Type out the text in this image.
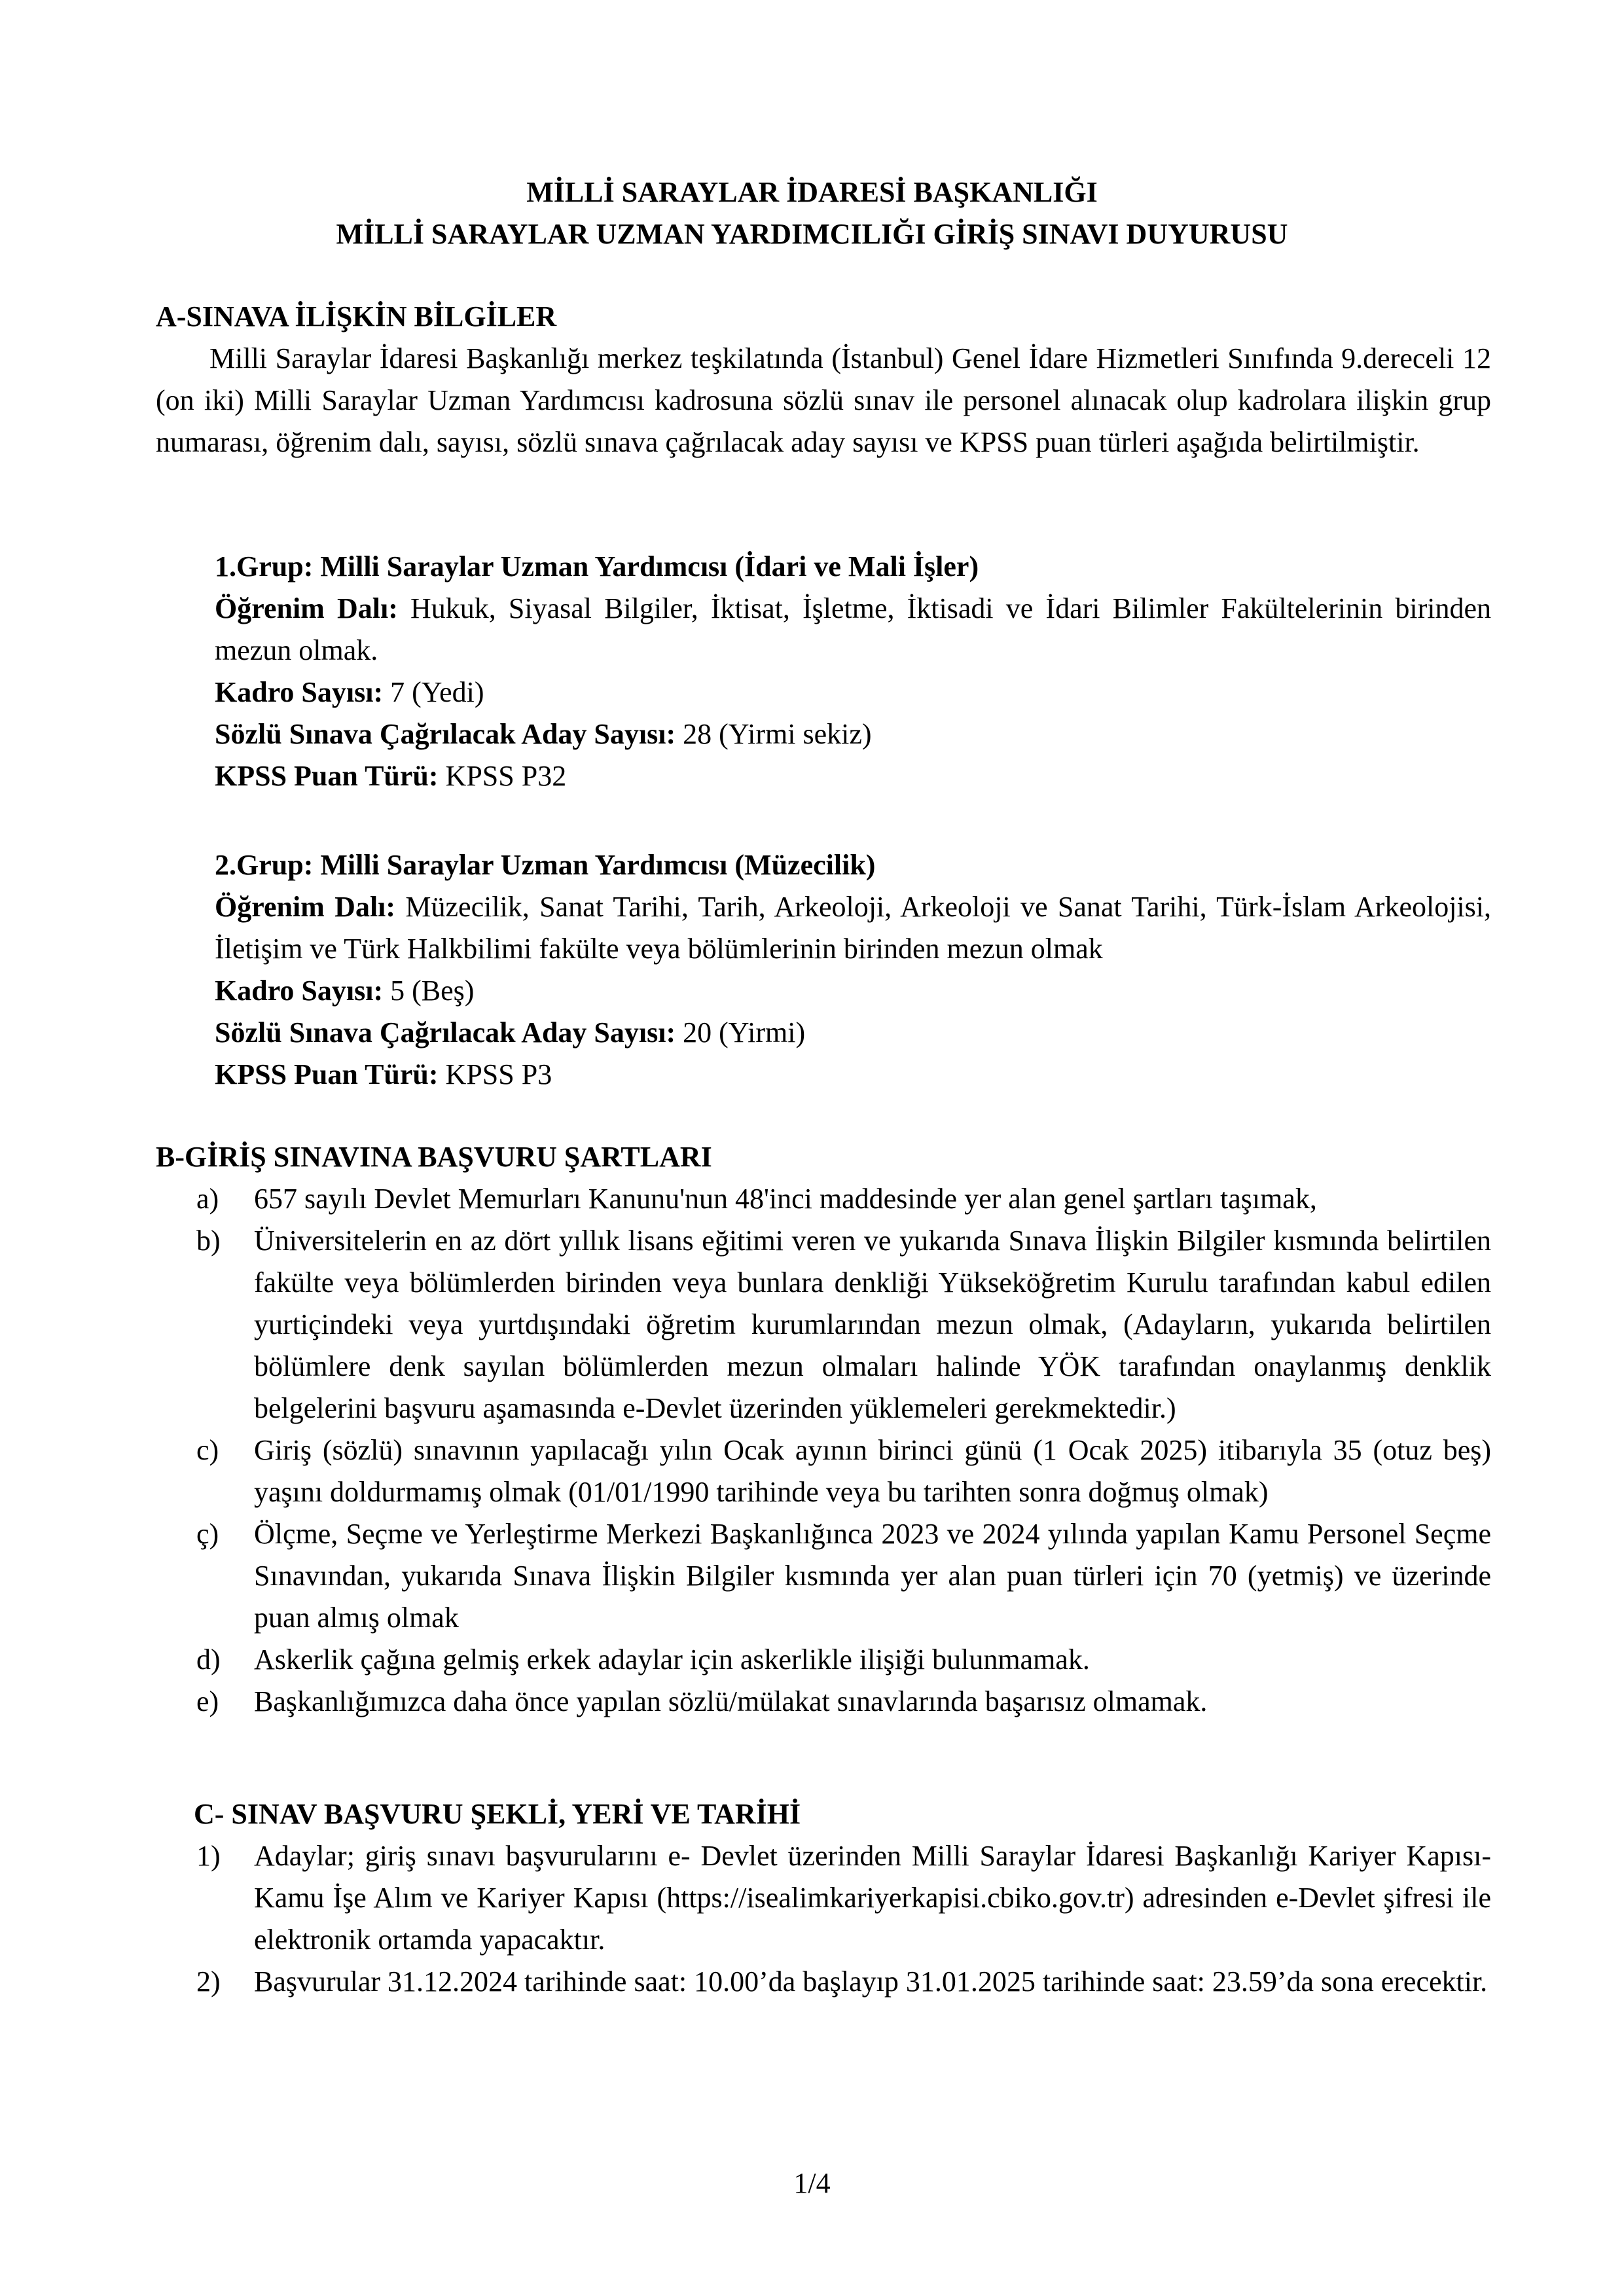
MİLLİ SARAYLAR İDARESİ BAŞKANLIĞI
MİLLİ SARAYLAR UZMAN YARDIMCILIĞI GİRİŞ SINAVI DUYURUSU
A-SINAVA İLİŞKİN BİLGİLER
Milli Saraylar İdaresi Başkanlığı merkez teşkilatında (İstanbul) Genel İdare Hizmetleri Sınıfında 9.dereceli 12 (on iki) Milli Saraylar Uzman Yardımcısı kadrosuna sözlü sınav ile personel alınacak olup kadrolara ilişkin grup numarası, öğrenim dalı, sayısı, sözlü sınava çağrılacak aday sayısı ve KPSS puan türleri aşağıda belirtilmiştir.
1.Grup: Milli Saraylar Uzman Yardımcısı (İdari ve Mali İşler)
Öğrenim Dalı: Hukuk, Siyasal Bilgiler, İktisat, İşletme, İktisadi ve İdari Bilimler Fakültelerinin birinden mezun olmak.
Kadro Sayısı: 7 (Yedi)
Sözlü Sınava Çağrılacak Aday Sayısı: 28 (Yirmi sekiz)
KPSS Puan Türü: KPSS P32
2.Grup: Milli Saraylar Uzman Yardımcısı (Müzecilik)
Öğrenim Dalı: Müzecilik, Sanat Tarihi, Tarih, Arkeoloji, Arkeoloji ve Sanat Tarihi, Türk-İslam Arkeolojisi, İletişim ve Türk Halkbilimi fakülte veya bölümlerinin birinden mezun olmak
Kadro Sayısı: 5 (Beş)
Sözlü Sınava Çağrılacak Aday Sayısı: 20 (Yirmi)
KPSS Puan Türü: KPSS P3
B-GİRİŞ SINAVINA BAŞVURU ŞARTLARI
a) 657 sayılı Devlet Memurları Kanunu'nun 48'inci maddesinde yer alan genel şartları taşımak,
b) Üniversitelerin en az dört yıllık lisans eğitimi veren ve yukarıda Sınava İlişkin Bilgiler kısmında belirtilen fakülte veya bölümlerden birinden veya bunlara denkliği Yükseköğretim Kurulu tarafından kabul edilen yurtiçindeki veya yurtdışındaki öğretim kurumlarından mezun olmak, (Adayların, yukarıda belirtilen bölümlere denk sayılan bölümlerden mezun olmaları halinde YÖK tarafından onaylanmış denklik belgelerini başvuru aşamasında e-Devlet üzerinden yüklemeleri gerekmektedir.)
c) Giriş (sözlü) sınavının yapılacağı yılın Ocak ayının birinci günü (1 Ocak 2025) itibarıyla 35 (otuz beş) yaşını doldurmamış olmak (01/01/1990 tarihinde veya bu tarihten sonra doğmuş olmak)
ç) Ölçme, Seçme ve Yerleştirme Merkezi Başkanlığınca 2023 ve 2024 yılında yapılan Kamu Personel Seçme Sınavından, yukarıda Sınava İlişkin Bilgiler kısmında yer alan puan türleri için 70 (yetmiş) ve üzerinde puan almış olmak
d) Askerlik çağına gelmiş erkek adaylar için askerlikle ilişiği bulunmamak.
e) Başkanlığımızca daha önce yapılan sözlü/mülakat sınavlarında başarısız olmamak.
C- SINAV BAŞVURU ŞEKLİ, YERİ VE TARİHİ
1) Adaylar; giriş sınavı başvurularını e- Devlet üzerinden Milli Saraylar İdaresi Başkanlığı Kariyer Kapısı-Kamu İşe Alım ve Kariyer Kapısı (https://isealimkariyerkapisi.cbiko.gov.tr) adresinden e-Devlet şifresi ile elektronik ortamda yapacaktır.
2) Başvurular 31.12.2024 tarihinde saat: 10.00’da başlayıp 31.01.2025 tarihinde saat: 23.59’da sona erecektir.
1/4
